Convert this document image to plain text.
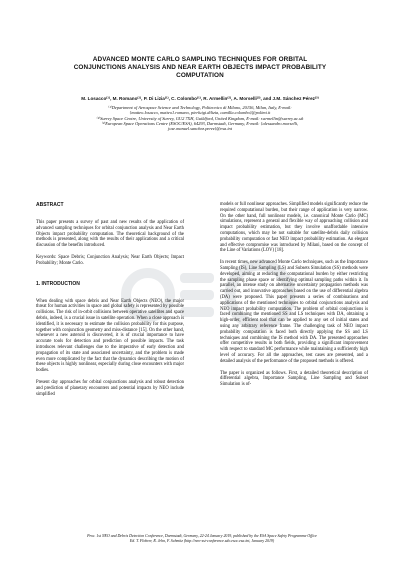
ADVANCED MONTE CARLO SAMPLING TECHNIQUES FOR ORBITAL
CONJUNCTIONS ANALYSIS AND NEAR EARTH OBJECTS IMPACT PROBABILITY
COMPUTATION
M. Losacco⁽¹⁾, M. Romano⁽¹⁾, P. Di Lizia⁽¹⁾, C. Colombo⁽¹⁾, R. Armellin⁽²⁾, A. Morselli⁽³⁾, and J.M. Sánchez Pérez⁽³⁾
⁽¹⁾Department of Aerospace Science and Technology, Politecnico di Milano, 20156, Milan, Italy, E-mail:
{matteo.losacco, matteo1.romano, pierluigi.dilizia, camilla.colombo}@polimi.it
⁽²⁾Surrey Space Centre, University of Surrey, GU2 7XH, Guildford, United Kingdom, E-mail: r.armellin@surrey.ac.uk
⁽³⁾European Space Operations Centre (ESOC/ESA), 64293, Darmstadt, Germany, E-mail: {alessandro.morselli,
jose.manuel.sanchez.perez}@esa.int
ABSTRACT

This paper presents a survey of past and new results of the application of advanced sampling techniques for orbital conjunction analysis and Near Earth Objects impact probability computation. The theoretical background of the methods is presented, along with the results of their applications and a critical discussion of the benefits introduced.

Keywords: Space Debris; Conjunction Analysis; Near Earth Objects; Impact Probability; Monte Carlo.

1. INTRODUCTION

When dealing with space debris and Near Earth Objects (NEO), the major threat for human activities in space and global safety is represented by possible collisions. The risk of in-orbit collisions between operative satellites and space debris, indeed, is a crucial issue in satellite operation. When a close approach is identified, it is necessary to estimate the collision probability for this purpose, together with conjunction geometry and miss-distance [15]. On the other hand, whenever a new asteroid is discovered, it is of crucial importance to have accurate tools for detection and prediction of possible impacts. The task introduces relevant challenges due to the imperative of early detection and propagation of its state and associated uncertainty, and the problem is made even more complicated by the fact that the dynamics describing the motion of these objects is highly nonlinear, especially during close encounters with major bodies.

Present day approaches for orbital conjunctions analysis and robust detection and prediction of planetary encounters and potential impacts by NEO include simplified

models or full nonlinear approaches. Simplified models significantly reduce the required computational burden, but their range of application is very narrow. On the other hand, full nonlinear models, i.e. canonical Monte Carlo (MC) simulations, represent a general and flexible way of approaching collision and impact probability estimation, but they involve unaffordable intensive computations, which may be not suitable for satellite-debris daily collision probability computation or fast NEO impact probability estimation. An elegant and effective compromise was introduced by Milani, based on the concept of the Line of Variations (LOV) [18].

In recent times, new advanced Monte Carlo techniques, such as the Importance Sampling (IS), Line Sampling (LS) and Subsets Simulation (SS) methods were developed, aiming at reducing the computational burden by either restricting the sampling phase space or identifying optimal sampling paths within it. In parallel, an intense study on alternative uncertainty propagation methods was carried out, and innovative approaches based on the use of differential algebra (DA) were proposed. This paper presents a series of combinations and applications of the mentioned techniques to orbital conjunctions analysis and NEO impact probability computation. The problem of orbital conjunctions is faced combining the mentioned SS and LS techniques with DA, obtaining a high-order, efficient tool that can be applied to any set of initial states and using any arbitrary reference frame. The challenging task of NEO impact probability computation is faced both directly applying the SS and LS techniques and combining the IS method with DA. The presented approaches offer competitive results in both fields, providing a significant improvement with respect to standard MC performance while maintaining a sufficiently high level of accuracy. For all the approaches, test cases are presented, and a detailed analysis of the performance of the proposed methods is offered.

The paper is organized as follows. First, a detailed theoretical description of differential algebra, Importance Sampling, Line Sampling and Subset Simulation is of-

Proc. 1st NEO and Debris Detection Conference, Darmstadt, Germany, 22-24 January 2019, published by the ESA Space Safety Programme Office
Ed. T. Flohrer, R. Jehn, F. Schmitz (http://neo-sst-conference.sdo.esoc.esa.int, January 2019)
